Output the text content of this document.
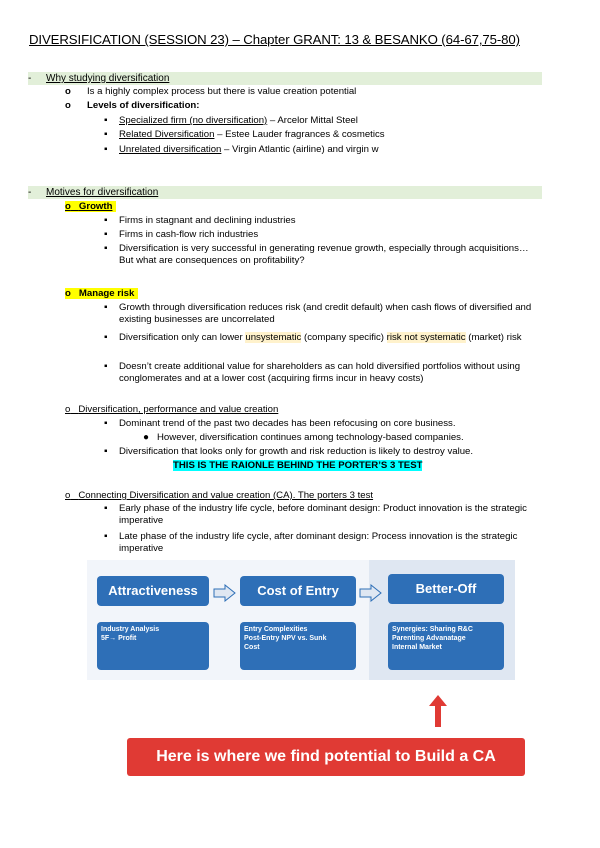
DIVERSIFICATION (SESSION 23) – Chapter GRANT: 13 & BESANKO (64-67,75-80)
- Why studying diversification
o Is a highly complex process but there is value creation potential
o Levels of diversification:
▪ Specialized firm (no diversification) – Arcelor Mittal Steel
▪ Related Diversification – Estee Lauder fragrances & cosmetics
▪ Unrelated diversification – Virgin Atlantic (airline) and virgin w
- Motives for diversification
o Growth
▪ Firms in stagnant and declining industries
▪ Firms in cash-flow rich industries
▪ Diversification is very successful in generating revenue growth, especially through acquisitions…But what are consequences on profitability?
o Manage risk
▪ Growth through diversification reduces risk (and credit default) when cash flows of diversified and existing businesses are uncorrelated
▪ Diversification only can lower unsystematic (company specific) risk not systematic (market) risk
▪ Doesn’t create additional value for shareholders as can hold diversified portfolios without using conglomerates and at a lower cost (acquiring firms incur in heavy costs)
o Diversification, performance and value creation
▪ Dominant trend of the past two decades has been refocusing on core business.
● However, diversification continues among technology-based companies.
▪ Diversification that looks only for growth and risk reduction is likely to destroy value.
THIS IS THE RAIONLE BEHIND THE PORTER’S 3 TEST
o Connecting Diversification and value creation (CA). The porters 3 test
▪ Early phase of the industry life cycle, before dominant design: Product innovation is the strategic imperative
▪ Late phase of the industry life cycle, after dominant design: Process innovation is the strategic imperative
Attractiveness
Industry Analysis
5F→ Profit
Cost of Entry
Entry Complexities
Post-Entry NPV vs. Sunk
Cost
Better-Off
Synergies: Sharing R&C
Parenting Advanatage
Internal Market
Here is where we find potential to Build a CA
